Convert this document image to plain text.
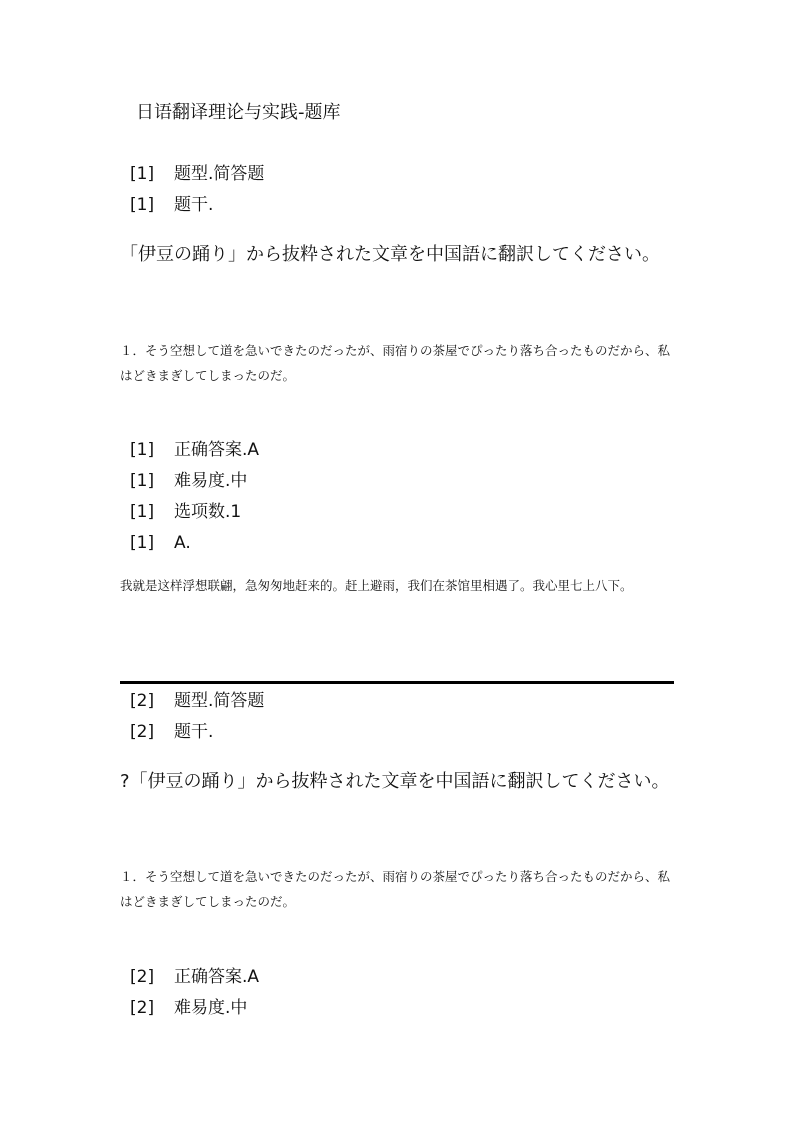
日语翻译理论与实践-题库
[1] 题型.简答题
[1] 题干.
「伊豆の踊り」から抜粋された文章を中国語に翻訳してください。
１．そう空想して道を急いできたのだったが、雨宿りの茶屋でぴったり落ち合ったものだから、私はどきまぎしてしまったのだ。
[1] 正确答案.A
[1] 难易度.中
[1] 选项数.1
[1] A.
我就是这样浮想联翩，急匆匆地赶来的。赶上避雨，我们在茶馆里相遇了。我心里七上八下。
[2] 题型.简答题
[2] 题干.
?「伊豆の踊り」から抜粋された文章を中国語に翻訳してください。
１．そう空想して道を急いできたのだったが、雨宿りの茶屋でぴったり落ち合ったものだから、私はどきまぎしてしまったのだ。
[2] 正确答案.A
[2] 难易度.中
